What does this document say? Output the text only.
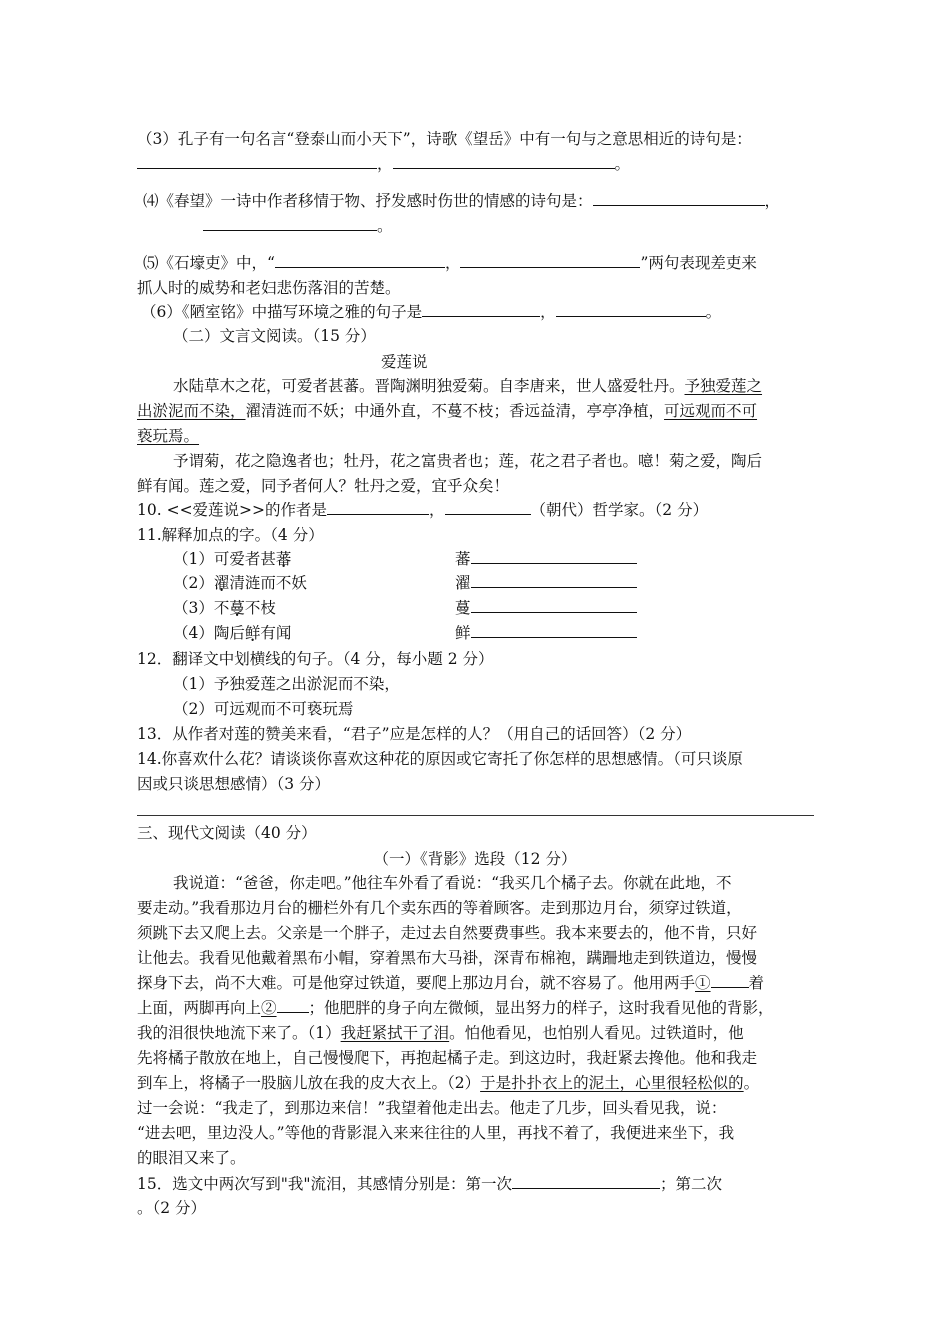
（3）孔子有一句名言“登泰山而小天下”，诗歌《望岳》中有一句与之意思相近的诗句是：
，	。
⑷《春望》一诗中作者移情于物、抒发感时伤世的情感的诗句是：	，
。
⑸《石壕吏》中，“	，	”两句表现差吏来
抓人时的威势和老妇悲伤落泪的苦楚。
（6）《陋室铭》中描写环境之雅的句子是	，	。
（二）文言文阅读。（15 分）
爱莲说
水陆草木之花，可爱者甚蕃。晋陶渊明独爱菊。自李唐来，世人盛爱牡丹。予独爱莲之
出淤泥而不染，濯清涟而不妖；中通外直，不蔓不枝；香远益清，亭亭净植，可远观而不可
亵玩焉。
予谓菊，花之隐逸者也；牡丹，花之富贵者也；莲，花之君子者也。噫！菊之爱，陶后
鲜有闻。莲之爱，同予者何人？牡丹之爱，宜乎众矣！
10. <<爱莲说>>的作者是	，	（朝代）哲学家。（2 分）
11.解释加点的字。（4 分）
（1）可爱者甚蕃	蕃
（2）濯清涟而不妖	濯
（3）不蔓不枝	蔓
（4）陶后鲜有闻	鲜
12．翻译文中划横线的句子。（4 分，每小题 2 分）
（1）予独爱莲之出淤泥而不染，
（2）可远观而不可亵玩焉
13．从作者对莲的赞美来看，“君子”应是怎样的人？（用自己的话回答）（2 分）
14.你喜欢什么花？请谈谈你喜欢这种花的原因或它寄托了你怎样的思想感情。（可只谈原
因或只谈思想感情）（3 分）
三、现代文阅读（40 分）
（一）《背影》选段（12 分）
我说道：“爸爸，你走吧。”他往车外看了看说：“我买几个橘子去。你就在此地，不
要走动。”我看那边月台的栅栏外有几个卖东西的等着顾客。走到那边月台，须穿过铁道，
须跳下去又爬上去。父亲是一个胖子，走过去自然要费事些。我本来要去的，他不肯，只好
让他去。我看见他戴着黑布小帽，穿着黑布大马褂，深青布棉袍，蹒跚地走到铁道边，慢慢
探身下去，尚不大难。可是他穿过铁道，要爬上那边月台，就不容易了。他用两手① 着
上面，两脚再向上② ；他肥胖的身子向左微倾，显出努力的样子，这时我看见他的背影，
我的泪很快地流下来了。（1）我赶紧拭干了泪。怕他看见，也怕别人看见。过铁道时，他
先将橘子散放在地上，自己慢慢爬下，再抱起橘子走。到这边时，我赶紧去搀他。他和我走
到车上，将橘子一股脑儿放在我的皮大衣上。（2）于是扑扑衣上的泥土，心里很轻松似的。
过一会说：“我走了，到那边来信！”我望着他走出去。他走了几步，回头看见我，说：
“进去吧，里边没人。”等他的背影混入来来往往的人里，再找不着了，我便进来坐下，我
的眼泪又来了。
15．选文中两次写到"我"流泪，其感情分别是：第一次	；第二次
。（2 分）
